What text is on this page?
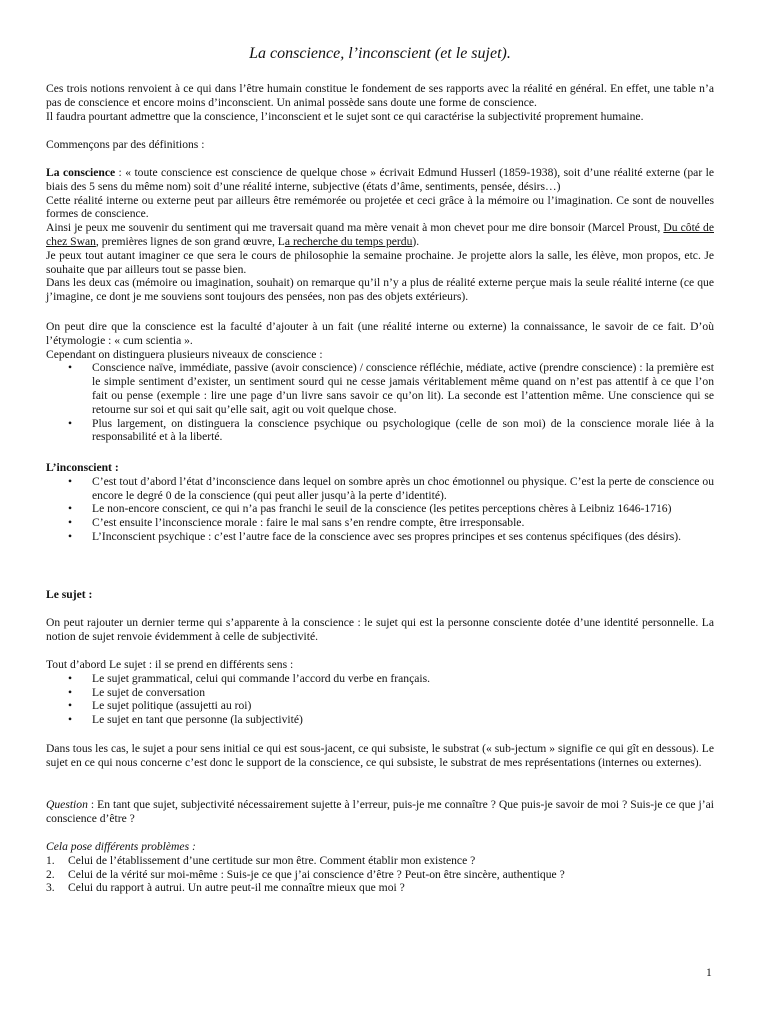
La conscience, l’inconscient (et le sujet).

Ces trois notions renvoient à ce qui dans l’être humain constitue le fondement de ses rapports avec la réalité en général. En effet, une table n’a pas de conscience et encore moins d’inconscient. Un animal possède sans doute une forme de conscience.

Il faudra pourtant admettre que la conscience, l’inconscient et le sujet sont ce qui caractérise la subjectivité proprement humaine.

Commençons par des définitions :

La conscience : « toute conscience est conscience de quelque chose » écrivait Edmund Husserl (1859-1938), soit d’une réalité externe (par le biais des 5 sens du même nom) soit d’une réalité interne, subjective (états d’âme, sentiments, pensée, désirs…)

Cette réalité interne ou externe peut par ailleurs être remémorée ou projetée et ceci grâce à la mémoire ou l’imagination. Ce sont de nouvelles formes de conscience.

Ainsi je peux me souvenir du sentiment qui me traversait quand ma mère venait à mon chevet pour me dire bonsoir (Marcel Proust, Du côté de chez Swan, premières lignes de son grand œuvre, La recherche du temps perdu).

Je peux tout autant imaginer ce que sera le cours de philosophie la semaine prochaine. Je projette alors la salle, les élève, mon propos, etc. Je souhaite que par ailleurs tout se passe bien.

Dans les deux cas (mémoire ou imagination, souhait) on remarque qu’il n’y a plus de réalité externe perçue mais la seule réalité interne (ce que j’imagine, ce dont je me souviens sont toujours des pensées, non pas des objets extérieurs).

On peut dire que la conscience est la faculté d’ajouter à un fait (une réalité interne ou externe) la connaissance, le savoir de ce fait. D’où l’étymologie : « cum scientia ».

Cependant on distinguera plusieurs niveaux de conscience :

• Conscience naïve, immédiate, passive (avoir conscience) / conscience réfléchie, médiate, active (prendre conscience) : la première est le simple sentiment d’exister, un sentiment sourd qui ne cesse jamais véritablement même quand on n’est pas attentif à ce que l’on fait ou pense (exemple : lire une page d’un livre sans savoir ce qu’on lit). La seconde est l’attention même. Une conscience qui se retourne sur soi et qui sait qu’elle sait, agit ou voit quelque chose.
• Plus largement, on distinguera la conscience psychique ou psychologique (celle de son moi) de la conscience morale liée à la responsabilité et à la liberté.

L’inconscient :

• C’est tout d’abord l’état d’inconscience dans lequel on sombre après un choc émotionnel ou physique. C’est la perte de conscience ou encore le degré 0 de la conscience (qui peut aller jusqu’à la perte d’identité).
• Le non-encore conscient, ce qui n’a pas franchi le seuil de la conscience (les petites perceptions chères à Leibniz 1646-1716)
• C’est ensuite l’inconscience morale : faire le mal sans s’en rendre compte, être irresponsable.
• L’Inconscient psychique : c’est l’autre face de la conscience avec ses propres principes et ses contenus spécifiques (des désirs).

Le sujet :

On peut rajouter un dernier terme qui s’apparente à la conscience : le sujet qui est la personne consciente dotée d’une identité personnelle. La notion de sujet renvoie évidemment à celle de subjectivité.

Tout d’abord Le sujet : il se prend en différents sens :

• Le sujet grammatical, celui qui commande l’accord du verbe en français.
• Le sujet de conversation
• Le sujet politique (assujetti au roi)
• Le sujet en tant que personne (la subjectivité)

Dans tous les cas, le sujet a pour sens initial ce qui est sous-jacent, ce qui subsiste, le substrat (« sub-jectum » signifie ce qui gît en dessous). Le sujet en ce qui nous concerne c’est donc le support de la conscience, ce qui subsiste, le substrat de mes représentations (internes ou externes).

Question : En tant que sujet, subjectivité nécessairement sujette à l’erreur, puis-je me connaître ? Que puis-je savoir de moi ? Suis-je ce que j’ai conscience d’être ?

Cela pose différents problèmes :

1. Celui de l’établissement d’une certitude sur mon être. Comment établir mon existence ?
2. Celui de la vérité sur moi-même : Suis-je ce que j’ai conscience d’être ? Peut-on être sincère, authentique ?
3. Celui du rapport à autrui. Un autre peut-il me connaître mieux que moi ?
1
